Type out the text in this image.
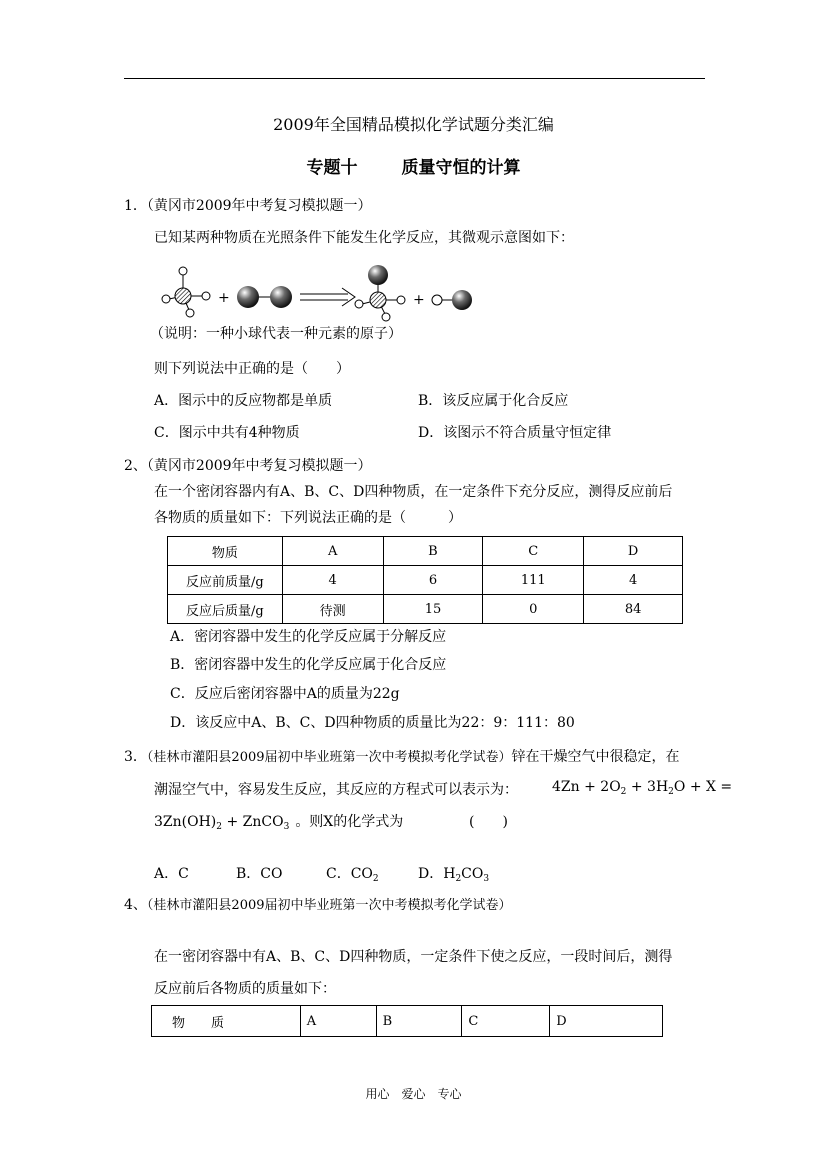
2009年全国精品模拟化学试题分类汇编
专题十	质量守恒的计算
1．（黄冈市2009年中考复习模拟题一）
已知某两种物质在光照条件下能发生化学反应，其微观示意图如下：
+	+
（说明：一种小球代表一种元素的原子）
则下列说法中正确的是（　　）
A．图示中的反应物都是单质	B．该反应属于化合反应
C．图示中共有4种物质	D．该图示不符合质量守恒定律
2、（黄冈市2009年中考复习模拟题一）
在一个密闭容器内有A、B、C、D四种物质，在一定条件下充分反应，测得反应前后
各物质的质量如下：下列说法正确的是（　　　）
物质	A	B	C	D
反应前质量/g	4	6	111	4
反应后质量/g	待测	15	0	84
A．密闭容器中发生的化学反应属于分解反应
B．密闭容器中发生的化学反应属于化合反应
C．反应后密闭容器中A的质量为22g
D．该反应中A、B、C、D四种物质的质量比为22：9：111：80
3．（桂林市灌阳县2009届初中毕业班第一次中考模拟考化学试卷）锌在干燥空气中很稳定，在
潮湿空气中，容易发生反应，其反应的方程式可以表示为： $4Zn + 2O_2 + 3H_2O + X$ =
$3Zn(OH)_2$ + ZnCO$_3$ 。则X的化学式为	(　　)
A．C	B．CO	C．$CO_2$	D．$H_2CO_3$
4、（桂林市灌阳县2009届初中毕业班第一次中考模拟考化学试卷）
在一密闭容器中有A、B、C、D四种物质，一定条件下使之反应，一段时间后，测得
反应前后各物质的质量如下：
物　　质	A	B	C	D
用心 爱心 专心
